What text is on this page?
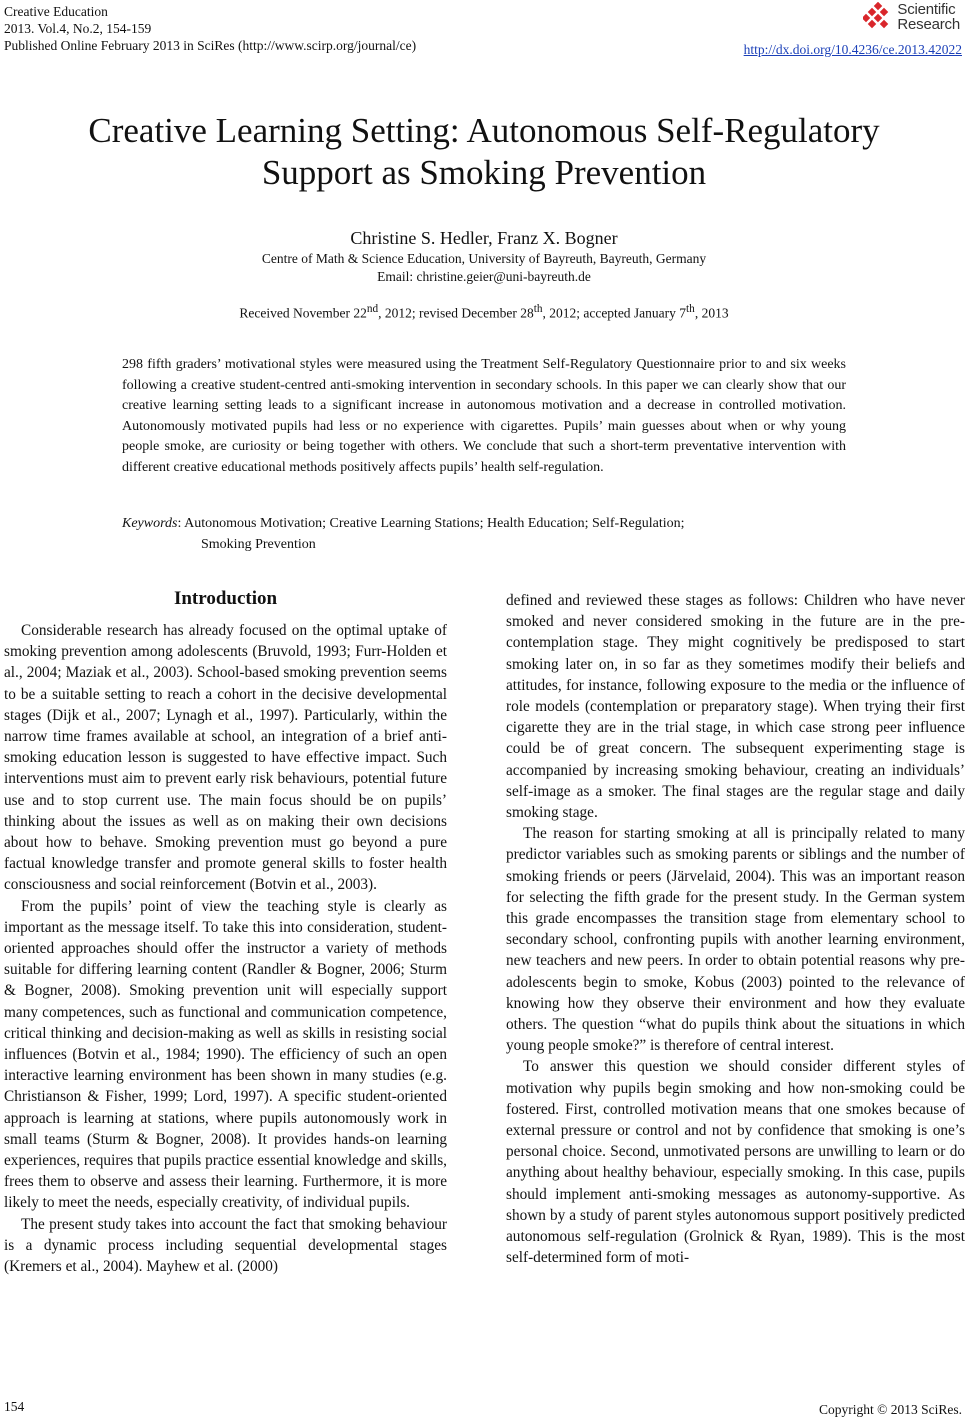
Creative Education
2013. Vol.4, No.2, 154-159
Published Online February 2013 in SciRes (http://www.scirp.org/journal/ce)
Scientific
Research
http://dx.doi.org/10.4236/ce.2013.42022
Creative Learning Setting: Autonomous Self-Regulatory
Support as Smoking Prevention
Christine S. Hedler, Franz X. Bogner
Centre of Math & Science Education, University of Bayreuth, Bayreuth, Germany
Email: christine.geier@uni-bayreuth.de
Received November 22nd, 2012; revised December 28th, 2012; accepted January 7th, 2013

298 fifth graders’ motivational styles were measured using the Treatment Self-Regulatory Questionnaire prior to and six weeks following a creative student-centred anti-smoking intervention in secondary schools. In this paper we can clearly show that our creative learning setting leads to a significant increase in autonomous motivation and a decrease in controlled motivation. Autonomously motivated pupils had less or no experience with cigarettes. Pupils’ main guesses about when or why young people smoke, are curiosity or being together with others. We conclude that such a short-term preventative intervention with different creative educational methods positively affects pupils’ health self-regulation.

Keywords: Autonomous Motivation; Creative Learning Stations; Health Education; Self-Regulation;
Smoking Prevention
Introduction

Considerable research has already focused on the optimal uptake of smoking prevention among adolescents (Bruvold, 1993; Furr-Holden et al., 2004; Maziak et al., 2003). School-based smoking prevention seems to be a suitable setting to reach a cohort in the decisive developmental stages (Dijk et al., 2007; Lynagh et al., 1997). Particularly, within the narrow time frames available at school, an integration of a brief anti-smoking education lesson is suggested to have effective impact. Such interventions must aim to prevent early risk behaviours, potential future use and to stop current use. The main focus should be on pupils’ thinking about the issues as well as on making their own decisions about how to behave. Smoking prevention must go beyond a pure factual knowledge transfer and promote general skills to foster health consciousness and social reinforcement (Botvin et al., 2003).

From the pupils’ point of view the teaching style is clearly as important as the message itself. To take this into consideration, student-oriented approaches should offer the instructor a variety of methods suitable for differing learning content (Randler & Bogner, 2006; Sturm & Bogner, 2008). Smoking prevention unit will especially support many competences, such as functional and communication competence, critical thinking and decision-making as well as skills in resisting social influences (Botvin et al., 1984; 1990). The efficiency of such an open interactive learning environment has been shown in many studies (e.g. Christianson & Fisher, 1999; Lord, 1997). A specific student-oriented approach is learning at stations, where pupils autonomously work in small teams (Sturm & Bogner, 2008). It provides hands-on learning experiences, requires that pupils practice essential knowledge and skills, frees them to observe and assess their learning. Furthermore, it is more likely to meet the needs, especially creativity, of individual pupils.

The present study takes into account the fact that smoking behaviour is a dynamic process including sequential developmental stages (Kremers et al., 2004). Mayhew et al. (2000)

defined and reviewed these stages as follows: Children who have never smoked and never considered smoking in the future are in the pre-contemplation stage. They might cognitively be predisposed to start smoking later on, in so far as they sometimes modify their beliefs and attitudes, for instance, following exposure to the media or the influence of role models (contemplation or preparatory stage). When trying their first cigarette they are in the trial stage, in which case strong peer influence could be of great concern. The subsequent experimenting stage is accompanied by increasing smoking behaviour, creating an individuals’ self-image as a smoker. The final stages are the regular stage and daily smoking stage.

The reason for starting smoking at all is principally related to many predictor variables such as smoking parents or siblings and the number of smoking friends or peers (Järvelaid, 2004). This was an important reason for selecting the fifth grade for the present study. In the German system this grade encompasses the transition stage from elementary school to secondary school, confronting pupils with another learning environment, new teachers and new peers. In order to obtain potential reasons why pre-adolescents begin to smoke, Kobus (2003) pointed to the relevance of knowing how they observe their environment and how they evaluate others. The question “what do pupils think about the situations in which young people smoke?” is therefore of central interest.

To answer this question we should consider different styles of motivation why pupils begin smoking and how non-smoking could be fostered. First, controlled motivation means that one smokes because of external pressure or control and not by confidence that smoking is one’s personal choice. Second, unmotivated persons are unwilling to learn or do anything about healthy behaviour, especially smoking. In this case, pupils should implement anti-smoking messages as autonomy-supportive. As shown by a study of parent styles autonomous support positively predicted autonomous self-regulation (Grolnick & Ryan, 1989). This is the most self-determined form of moti-

154	Copyright © 2013 SciRes.
